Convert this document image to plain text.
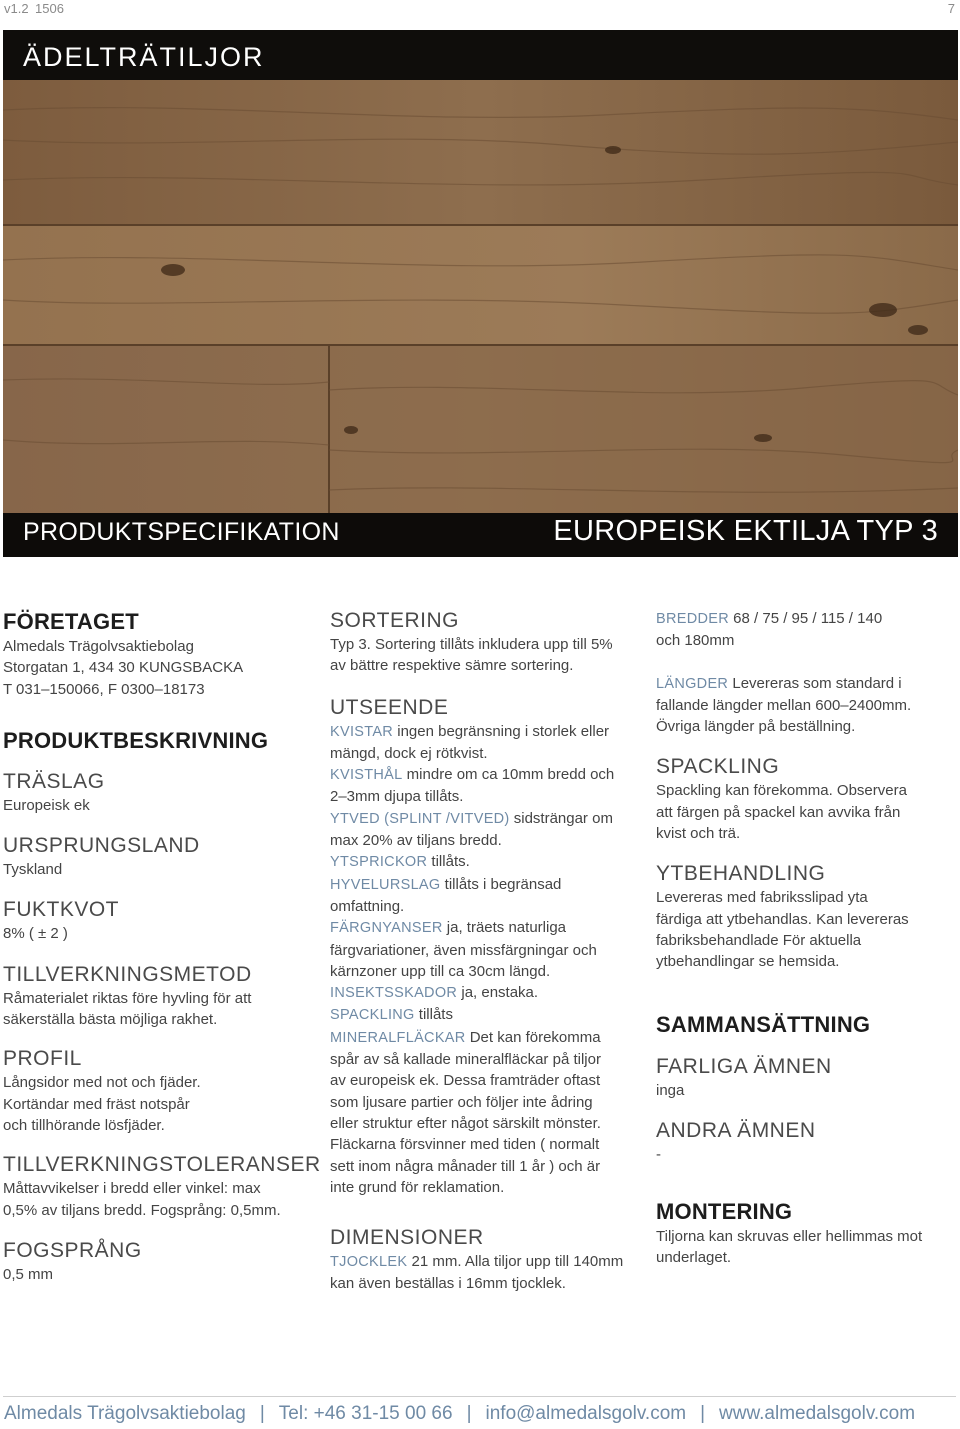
v1.2 1506	7
ÄDELTRÄTILJOR
PRODUKTSPECIFIKATION	EUROPEISK EKTILJA TYP 3
FÖRETAGET
Almedals Trägolvsaktiebolag
Storgatan 1, 434 30 KUNGSBACKA
T 031–150066, F 0300–18173
PRODUKTBESKRIVNING
TRÄSLAG
Europeisk ek
URSPRUNGSLAND
Tyskland
FUKTKVOT
8% ( ± 2 )
TILLVERKNINGSMETOD
Råmaterialet riktas före hyvling för att
säkerställa bästa möjliga rakhet.
PROFIL
Långsidor med not och fjäder.
Kortändar med fräst notspår
och tillhörande lösfjäder.
TILLVERKNINGSTOLERANSER
Måttavvikelser i bredd eller vinkel: max
0,5% av tiljans bredd. Fogsprång: 0,5mm.
FOGSPRÅNG
0,5 mm
SORTERING
Typ 3. Sortering tillåts inkludera upp till 5%
av bättre respektive sämre sortering.
UTSEENDE
KVISTAR ingen begränsning i storlek eller
mängd, dock ej rötkvist.
KVISTHÅL mindre om ca 10mm bredd och
2–3mm djupa tillåts.
YTVED (SPLINT /VITVED) sidsträngar om
max 20% av tiljans bredd.
YTSPRICKOR tillåts.
HYVELURSLAG tillåts i begränsad
omfattning.
FÄRGNYANSER ja, träets naturliga
färgvariationer, även missfärgningar och
kärnzoner upp till ca 30cm längd.
INSEKTSSKADOR ja, enstaka.
SPACKLING tillåts
MINERALFLÄCKAR Det kan förekomma
spår av så kallade mineralfläckar på tiljor
av europeisk ek. Dessa framträder oftast
som ljusare partier och följer inte ådring
eller struktur efter något särskilt mönster.
Fläckarna försvinner med tiden ( normalt
sett inom några månader till 1 år ) och är
inte grund för reklamation.
DIMENSIONER
TJOCKLEK 21 mm. Alla tiljor upp till 140mm
kan även beställas i 16mm tjocklek.
BREDDER 68 / 75 / 95 / 115 / 140
och 180mm
LÄNGDER Levereras som standard i
fallande längder mellan 600–2400mm.
Övriga längder på beställning.
SPACKLING
Spackling kan förekomma. Observera
att färgen på spackel kan avvika från
kvist och trä.
YTBEHANDLING
Levereras med fabriksslipad yta
färdiga att ytbehandlas. Kan levereras
fabriksbehandlade För aktuella
ytbehandlingar se hemsida.
SAMMANSÄTTNING
FARLIGA ÄMNEN
inga
ANDRA ÄMNEN
-
MONTERING
Tiljorna kan skruvas eller hellimmas mot
underlaget.
Almedals Trägolvsaktiebolag | Tel: +46 31-15 00 66 | info@almedalsgolv.com | www.almedalsgolv.com
